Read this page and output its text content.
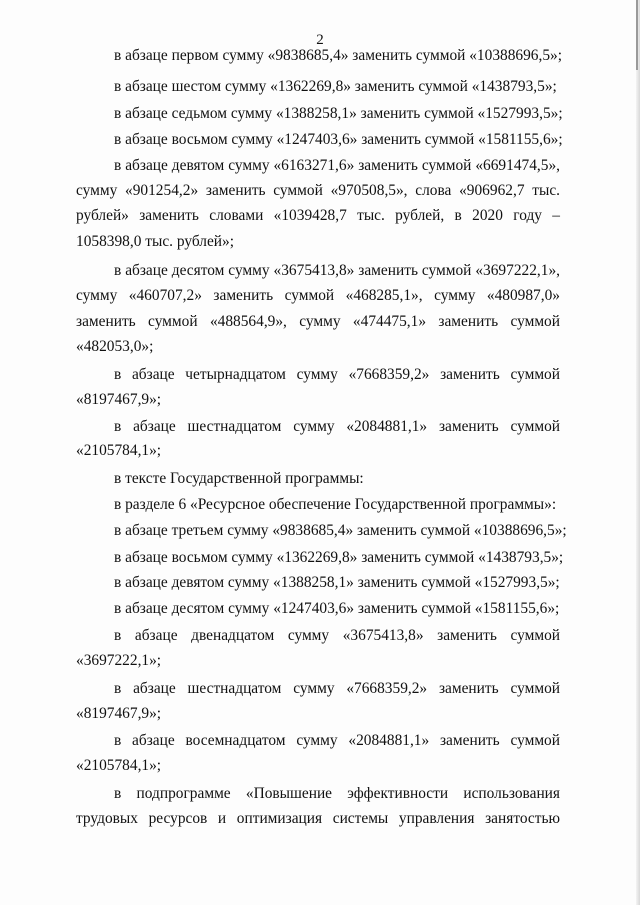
2
в абзаце первом сумму «9838685,4» заменить суммой «10388696,5»;
в абзаце шестом сумму «1362269,8» заменить суммой «1438793,5»;
в абзаце седьмом сумму «1388258,1» заменить суммой «1527993,5»;
в абзаце восьмом сумму «1247403,6» заменить суммой «1581155,6»;
в абзаце девятом сумму «6163271,6» заменить суммой «6691474,5»,
сумму «901254,2» заменить суммой «970508,5», слова «906962,7 тыс.
рублей» заменить словами «1039428,7 тыс. рублей, в 2020 году –
1058398,0 тыс. рублей»;
в абзаце десятом сумму «3675413,8» заменить суммой «3697222,1»,
сумму «460707,2» заменить суммой «468285,1», сумму «480987,0»
заменить суммой «488564,9», сумму «474475,1» заменить суммой
«482053,0»;
в абзаце четырнадцатом сумму «7668359,2» заменить суммой
«8197467,9»;
в абзаце шестнадцатом сумму «2084881,1» заменить суммой
«2105784,1»;
в тексте Государственной программы:
в разделе 6 «Ресурсное обеспечение Государственной программы»:
в абзаце третьем сумму «9838685,4» заменить суммой «10388696,5»;
в абзаце восьмом сумму «1362269,8» заменить суммой «1438793,5»;
в абзаце девятом сумму «1388258,1» заменить суммой «1527993,5»;
в абзаце десятом сумму «1247403,6» заменить суммой «1581155,6»;
в абзаце двенадцатом сумму «3675413,8» заменить суммой
«3697222,1»;
в абзаце шестнадцатом сумму «7668359,2» заменить суммой
«8197467,9»;
в абзаце восемнадцатом сумму «2084881,1» заменить суммой
«2105784,1»;
в подпрограмме «Повышение эффективности использования
трудовых ресурсов и оптимизация системы управления занятостью
